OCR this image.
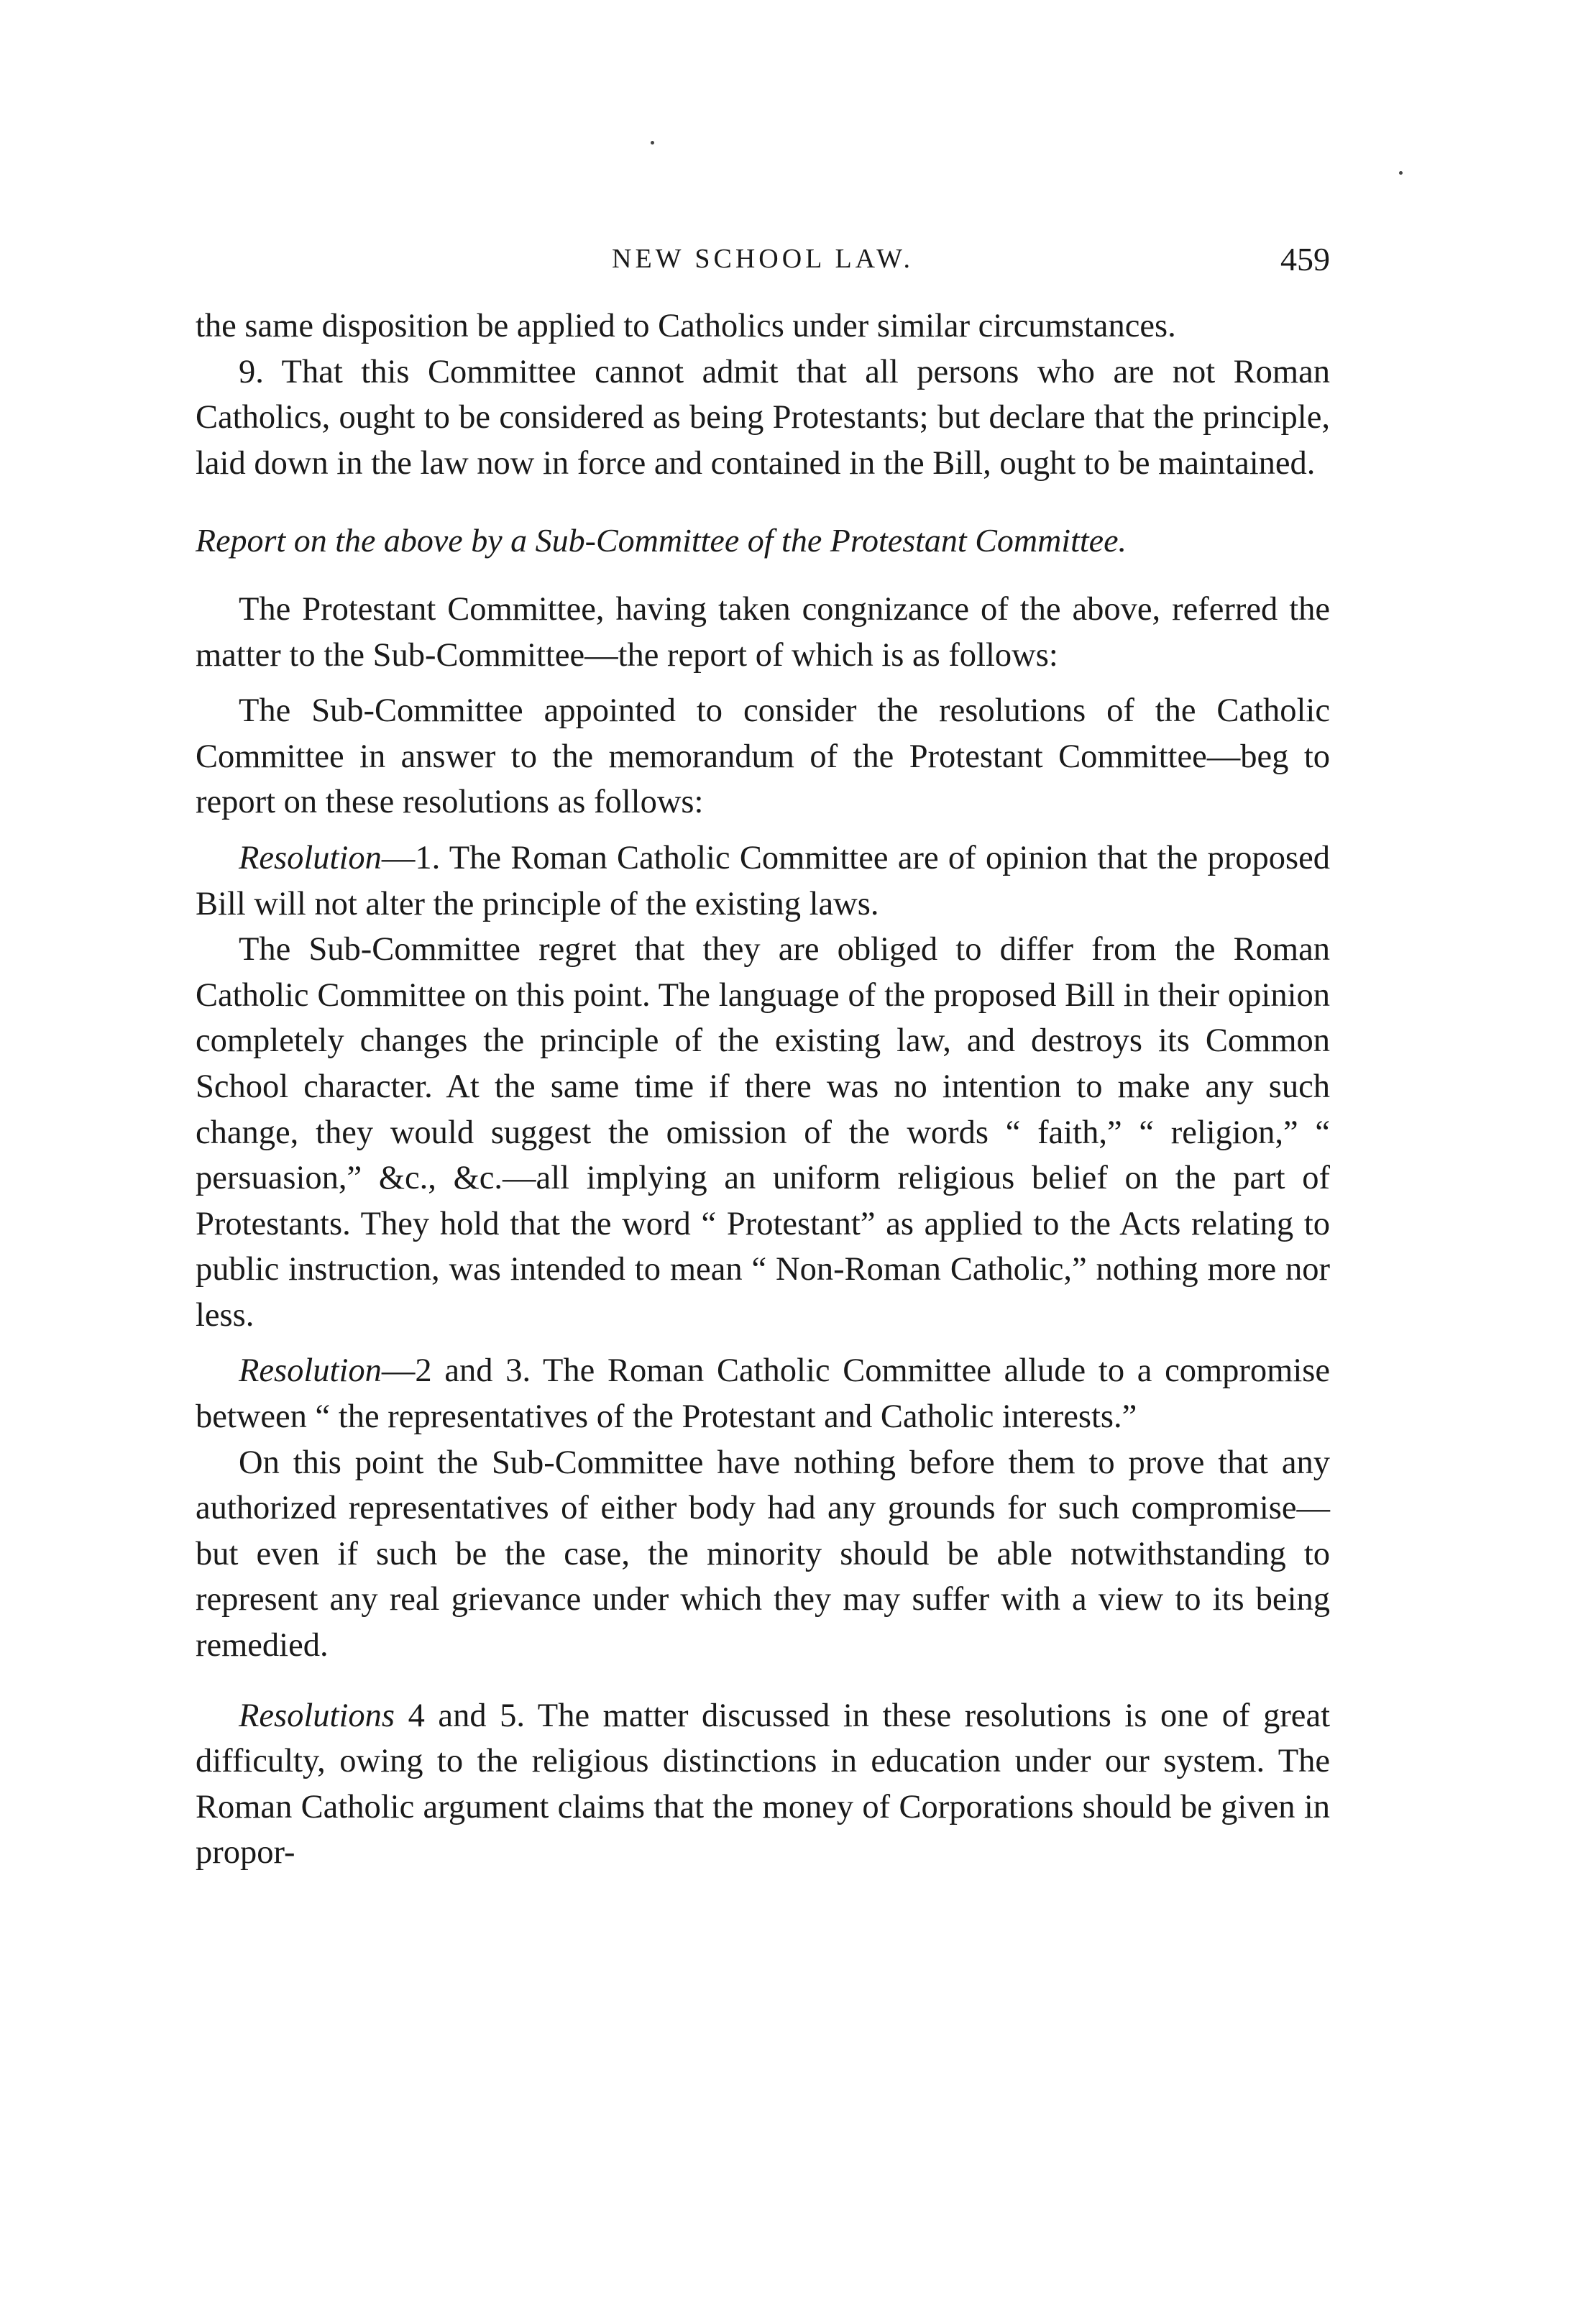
NEW SCHOOL LAW.	459

the same disposition be applied to Catholics under similar circumstances.

9. That this Committee cannot admit that all persons who are not Roman Catholics, ought to be considered as being Protestants; but declare that the principle, laid down in the law now in force and contained in the Bill, ought to be maintained.

Report on the above by a Sub-Committee of the Protestant Committee.

The Protestant Committee, having taken congnizance of the above, referred the matter to the Sub-Committee—the report of which is as follows:

The Sub-Committee appointed to consider the resolutions of the Catholic Committee in answer to the memorandum of the Protestant Committee—beg to report on these resolutions as follows:

Resolution—1. The Roman Catholic Committee are of opinion that the proposed Bill will not alter the principle of the existing laws.

The Sub-Committee regret that they are obliged to differ from the Roman Catholic Committee on this point. The language of the proposed Bill in their opinion completely changes the principle of the existing law, and destroys its Common School character. At the same time if there was no intention to make any such change, they would suggest the omission of the words “ faith,” “ religion,” “ persuasion,” &c., &c.—all implying an uniform religious belief on the part of Protestants. They hold that the word “ Protestant” as applied to the Acts relating to public instruction, was intended to mean “ Non-Roman Catholic,” nothing more nor less.

Resolution—2 and 3. The Roman Catholic Committee allude to a compromise between “ the representatives of the Protestant and Catholic interests.”

On this point the Sub-Committee have nothing before them to prove that any authorized representatives of either body had any grounds for such compromise—but even if such be the case, the minority should be able notwithstanding to represent any real grievance under which they may suffer with a view to its being remedied.

Resolutions 4 and 5. The matter discussed in these resolutions is one of great difficulty, owing to the religious distinctions in education under our system. The Roman Catholic argument claims that the money of Corporations should be given in propor-
